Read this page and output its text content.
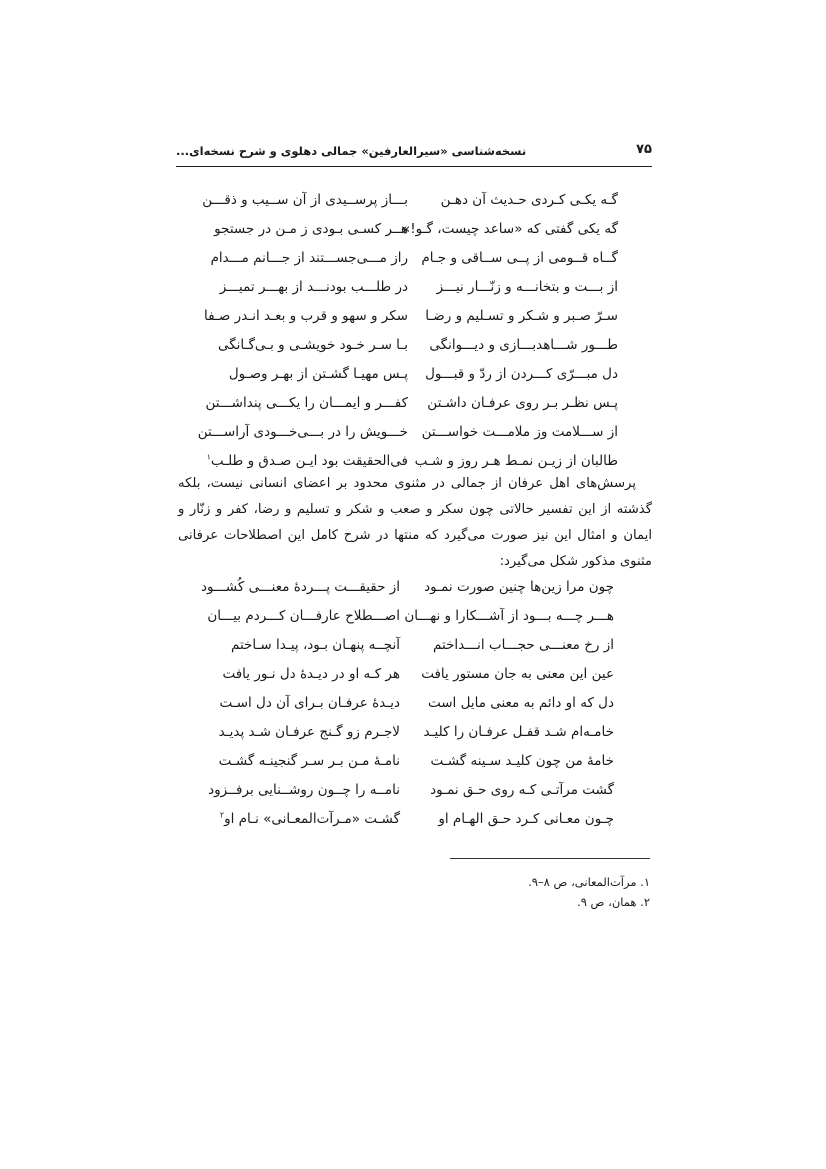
۷۵
نسخه‌شناسی «سیرالعارفین» جمالی دهلوی و شرح نسخه‌ای...
گـه یکـی کـردی حـدیث آن دهـن
بـــاز پرســیدی از آن ســیب و ذقـــن
گه یکی گفتی که «ساعد چیست، گـو!»
هــر کسـی بـودی ز مـن در جستجو
گــاه قــومی از پــی ســاقی و جـام
راز مـــی‌جســـتند از جـــانم مـــدام
از بـــت و بتخانـــه و زنّـــار نیـــز
در طلـــب بودنـــد از بهـــر تمیـــز
سـرّ صـبر و شـکر و تسـلیم و رضـا
سکر و سهو و قرب و بعـد انـدر صـفا
طـــور شـــاهدبـــازی و دیـــوانگی
بـا سـر خـود خویشـی و بـی‌گـانگی
دل مبـــرّی کـــردن از ردّ و قبـــول
پـس مهیـا گشـتن از بهـر وصـول
پـس نظـر بـر روی عرفـان داشـتن
کفـــر و ایمـــان را یکـــی پنداشـــتن
از ســـلامت وز ملامـــت خواســـتن
خـــویش را در بـــی‌خـــودی آراســـتن
طالبان از زیـن نمـط هـر روز و شـب
فی‌الحقیقت بود ایـن صـدق و طلـب$^۱$

پرسش‌های اهل عرفان از جمالی در مثنوی محدود بر اعضای انسانی نیست، بلکه گذشته از این تفسیر حالاتی چون سکر و صعب و شکر و تسلیم و رضا، کفر و زنّار و ایمان و امثال این نیز صورت می‌گیرد که منتها در شرح کامل این اصطلاحات عرفانی مثنوی مذکور شکل می‌گیرد:

چون مرا زین‌ها چنین صورت نمـود
از حقیقـــت پـــردهٔ معنـــی کُشـــود
هـــر چـــه بـــود از آشـــکارا و نهـــان
اصـــطلاح عارفـــان کـــردم بیـــان
از رخ معنـــی حجـــاب انـــداختم
آنچــه پنهـان بـود، پیـدا سـاختم
عین این معنی به جان مستور یافت
هر کـه او در دیـدهٔ دل نـور یافت
دل که او دائم به معنی مایل است
دیـدهٔ عرفـان بـرای آن دل اسـت
خامـه‌ام شـد قفـل عرفـان را کلیـد
لاجـرم زو گـنج عرفـان شـد پدیـد
خامهٔ من چون کلیـد سـینه گشـت
نامـهٔ مـن بـر سـر گنجینـه گشـت
گشت مرآتـی کـه روی حـق نمـود
نامــه را چــون روشــنایی برفــزود
چـون معـانی کـرد حـق الهـام او
گشـت «مـرآت‌المعـانی» نـام او$^۲$
۱. مرآت‌المعانی، ص ۸–۹.
۲. همان، ص ۹.
